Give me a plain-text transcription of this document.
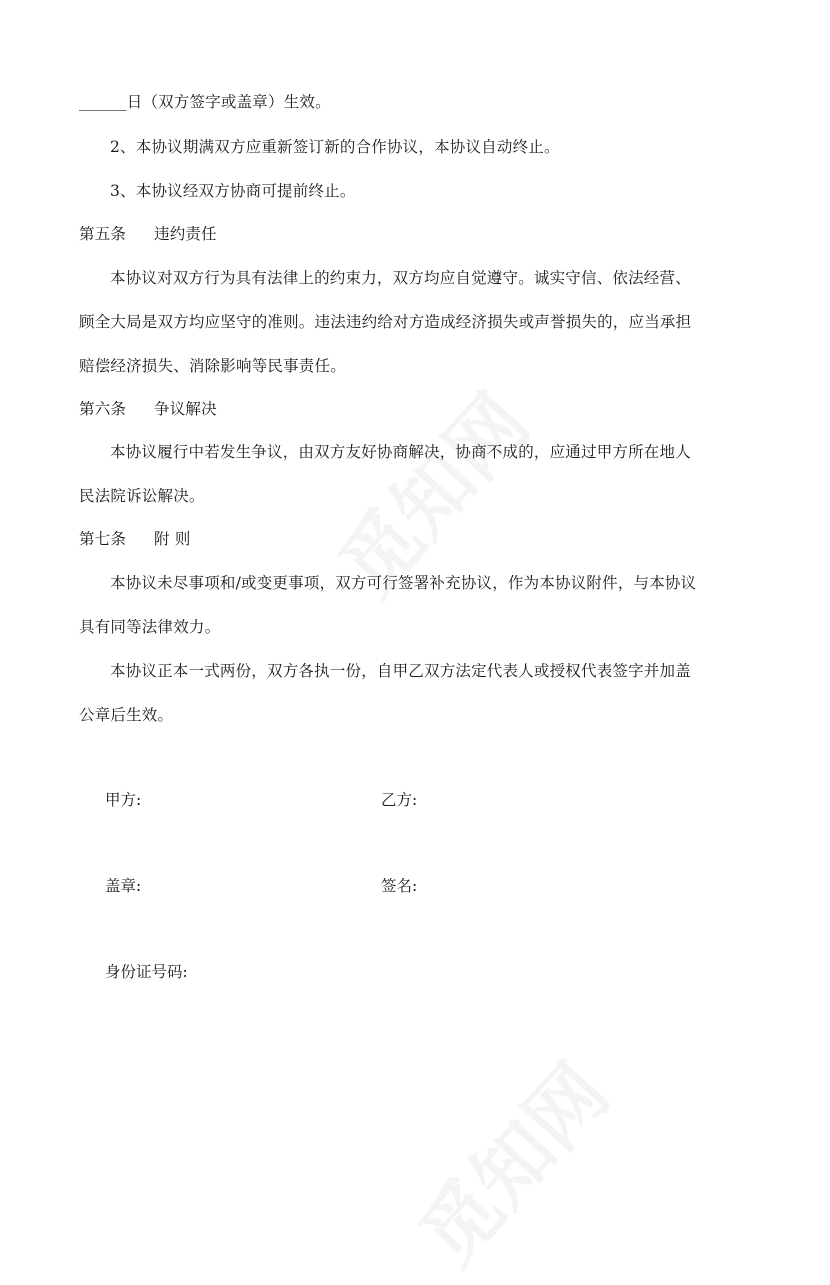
______日（双方签字或盖章）生效。
2、本协议期满双方应重新签订新的合作协议，本协议自动终止。
3、本协议经双方协商可提前终止。
第五条 违约责任
本协议对双方行为具有法律上的约束力，双方均应自觉遵守。诚实守信、依法经营、
顾全大局是双方均应坚守的准则。违法违约给对方造成经济损失或声誉损失的，应当承担
赔偿经济损失、消除影响等民事责任。
第六条 争议解决
本协议履行中若发生争议，由双方友好协商解决，协商不成的，应通过甲方所在地人
民法院诉讼解决。
第七条 附 则
本协议未尽事项和/或变更事项，双方可行签署补充协议，作为本协议附件，与本协议
具有同等法律效力。
本协议正本一式两份，双方各执一份，自甲乙双方法定代表人或授权代表签字并加盖
公章后生效。
甲方:	乙方:
盖章:	签名:
身份证号码:
